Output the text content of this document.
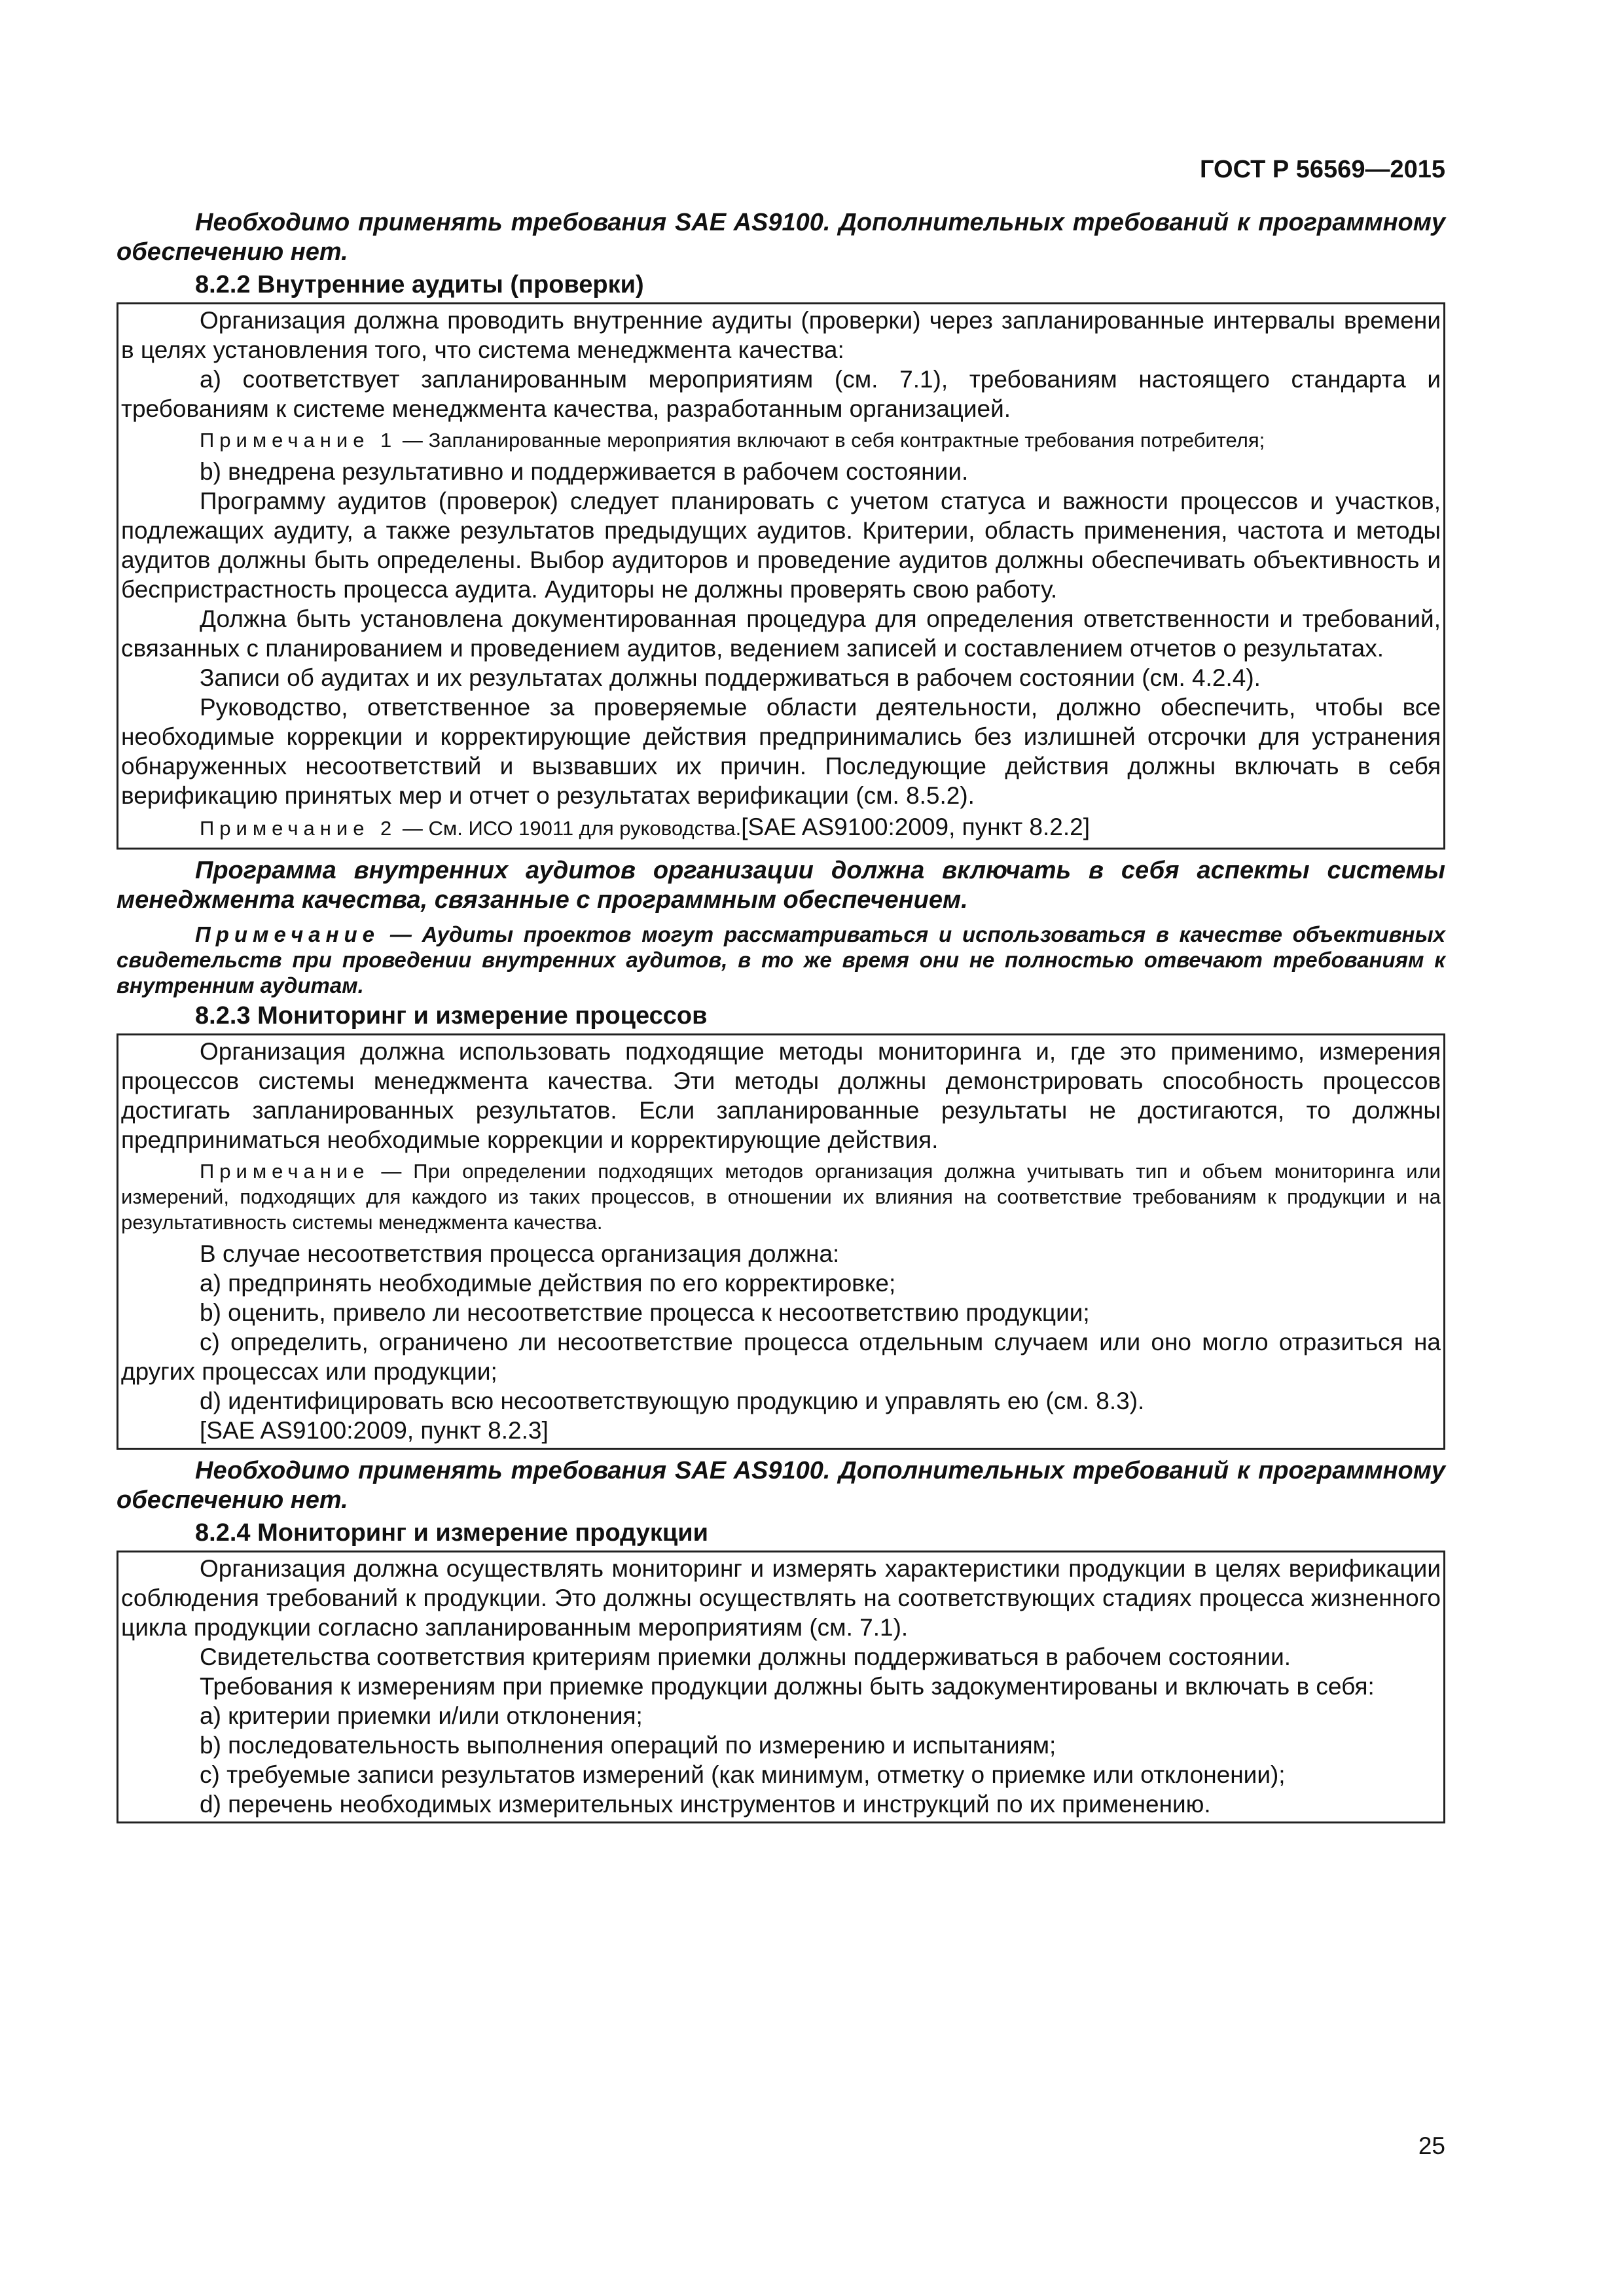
ГОСТ Р 56569—2015

Необходимо применять требования SAE AS9100. Дополнительных требований к программному обеспечению нет.

8.2.2 Внутренние аудиты (проверки)

Организация должна проводить внутренние аудиты (проверки) через запланированные интервалы времени в целях установления того, что система менеджмента качества:

a) соответствует запланированным мероприятиям (см. 7.1), требованиям настоящего стандарта и требованиям к системе менеджмента качества, разработанным организацией.

Примечание 1 — Запланированные мероприятия включают в себя контрактные требования потребителя;

b) внедрена результативно и поддерживается в рабочем состоянии.

Программу аудитов (проверок) следует планировать с учетом статуса и важности процессов и участков, подлежащих аудиту, а также результатов предыдущих аудитов. Критерии, область применения, частота и методы аудитов должны быть определены. Выбор аудиторов и проведение аудитов должны обеспечивать объективность и беспристрастность процесса аудита. Аудиторы не должны проверять свою работу.

Должна быть установлена документированная процедура для определения ответственности и требований, связанных с планированием и проведением аудитов, ведением записей и составлением отчетов о результатах.

Записи об аудитах и их результатах должны поддерживаться в рабочем состоянии (см. 4.2.4).

Руководство, ответственное за проверяемые области деятельности, должно обеспечить, чтобы все необходимые коррекции и корректирующие действия предпринимались без излишней отсрочки для устранения обнаруженных несоответствий и вызвавших их причин. Последующие действия должны включать в себя верификацию принятых мер и отчет о результатах верификации (см. 8.5.2).

Примечание 2 — См. ИСО 19011 для руководства.[SAE AS9100:2009, пункт 8.2.2]

Программа внутренних аудитов организации должна включать в себя аспекты системы менеджмента качества, связанные с программным обеспечением.

Примечание — Аудиты проектов могут рассматриваться и использоваться в качестве объективных свидетельств при проведении внутренних аудитов, в то же время они не полностью отвечают требованиям к внутренним аудитам.

8.2.3 Мониторинг и измерение процессов

Организация должна использовать подходящие методы мониторинга и, где это применимо, измерения процессов системы менеджмента качества. Эти методы должны демонстрировать способность процессов достигать запланированных результатов. Если запланированные результаты не достигаются, то должны предприниматься необходимые коррекции и корректирующие действия.

Примечание — При определении подходящих методов организация должна учитывать тип и объем мониторинга или измерений, подходящих для каждого из таких процессов, в отношении их влияния на соответствие требованиям к продукции и на результативность системы менеджмента качества.

В случае несоответствия процесса организация должна:

a) предпринять необходимые действия по его корректировке;

b) оценить, привело ли несоответствие процесса к несоответствию продукции;

c) определить, ограничено ли несоответствие процесса отдельным случаем или оно могло отразиться на других процессах или продукции;

d) идентифицировать всю несоответствующую продукцию и управлять ею (см. 8.3).

[SAE AS9100:2009, пункт 8.2.3]

Необходимо применять требования SAE AS9100. Дополнительных требований к программному обеспечению нет.

8.2.4 Мониторинг и измерение продукции

Организация должна осуществлять мониторинг и измерять характеристики продукции в целях верификации соблюдения требований к продукции. Это должны осуществлять на соответствующих стадиях процесса жизненного цикла продукции согласно запланированным мероприятиям (см. 7.1).

Свидетельства соответствия критериям приемки должны поддерживаться в рабочем состоянии.

Требования к измерениям при приемке продукции должны быть задокументированы и включать в себя:

a) критерии приемки и/или отклонения;

b) последовательность выполнения операций по измерению и испытаниям;

c) требуемые записи результатов измерений (как минимум, отметку о приемке или отклонении);

d) перечень необходимых измерительных инструментов и инструкций по их применению.

25
